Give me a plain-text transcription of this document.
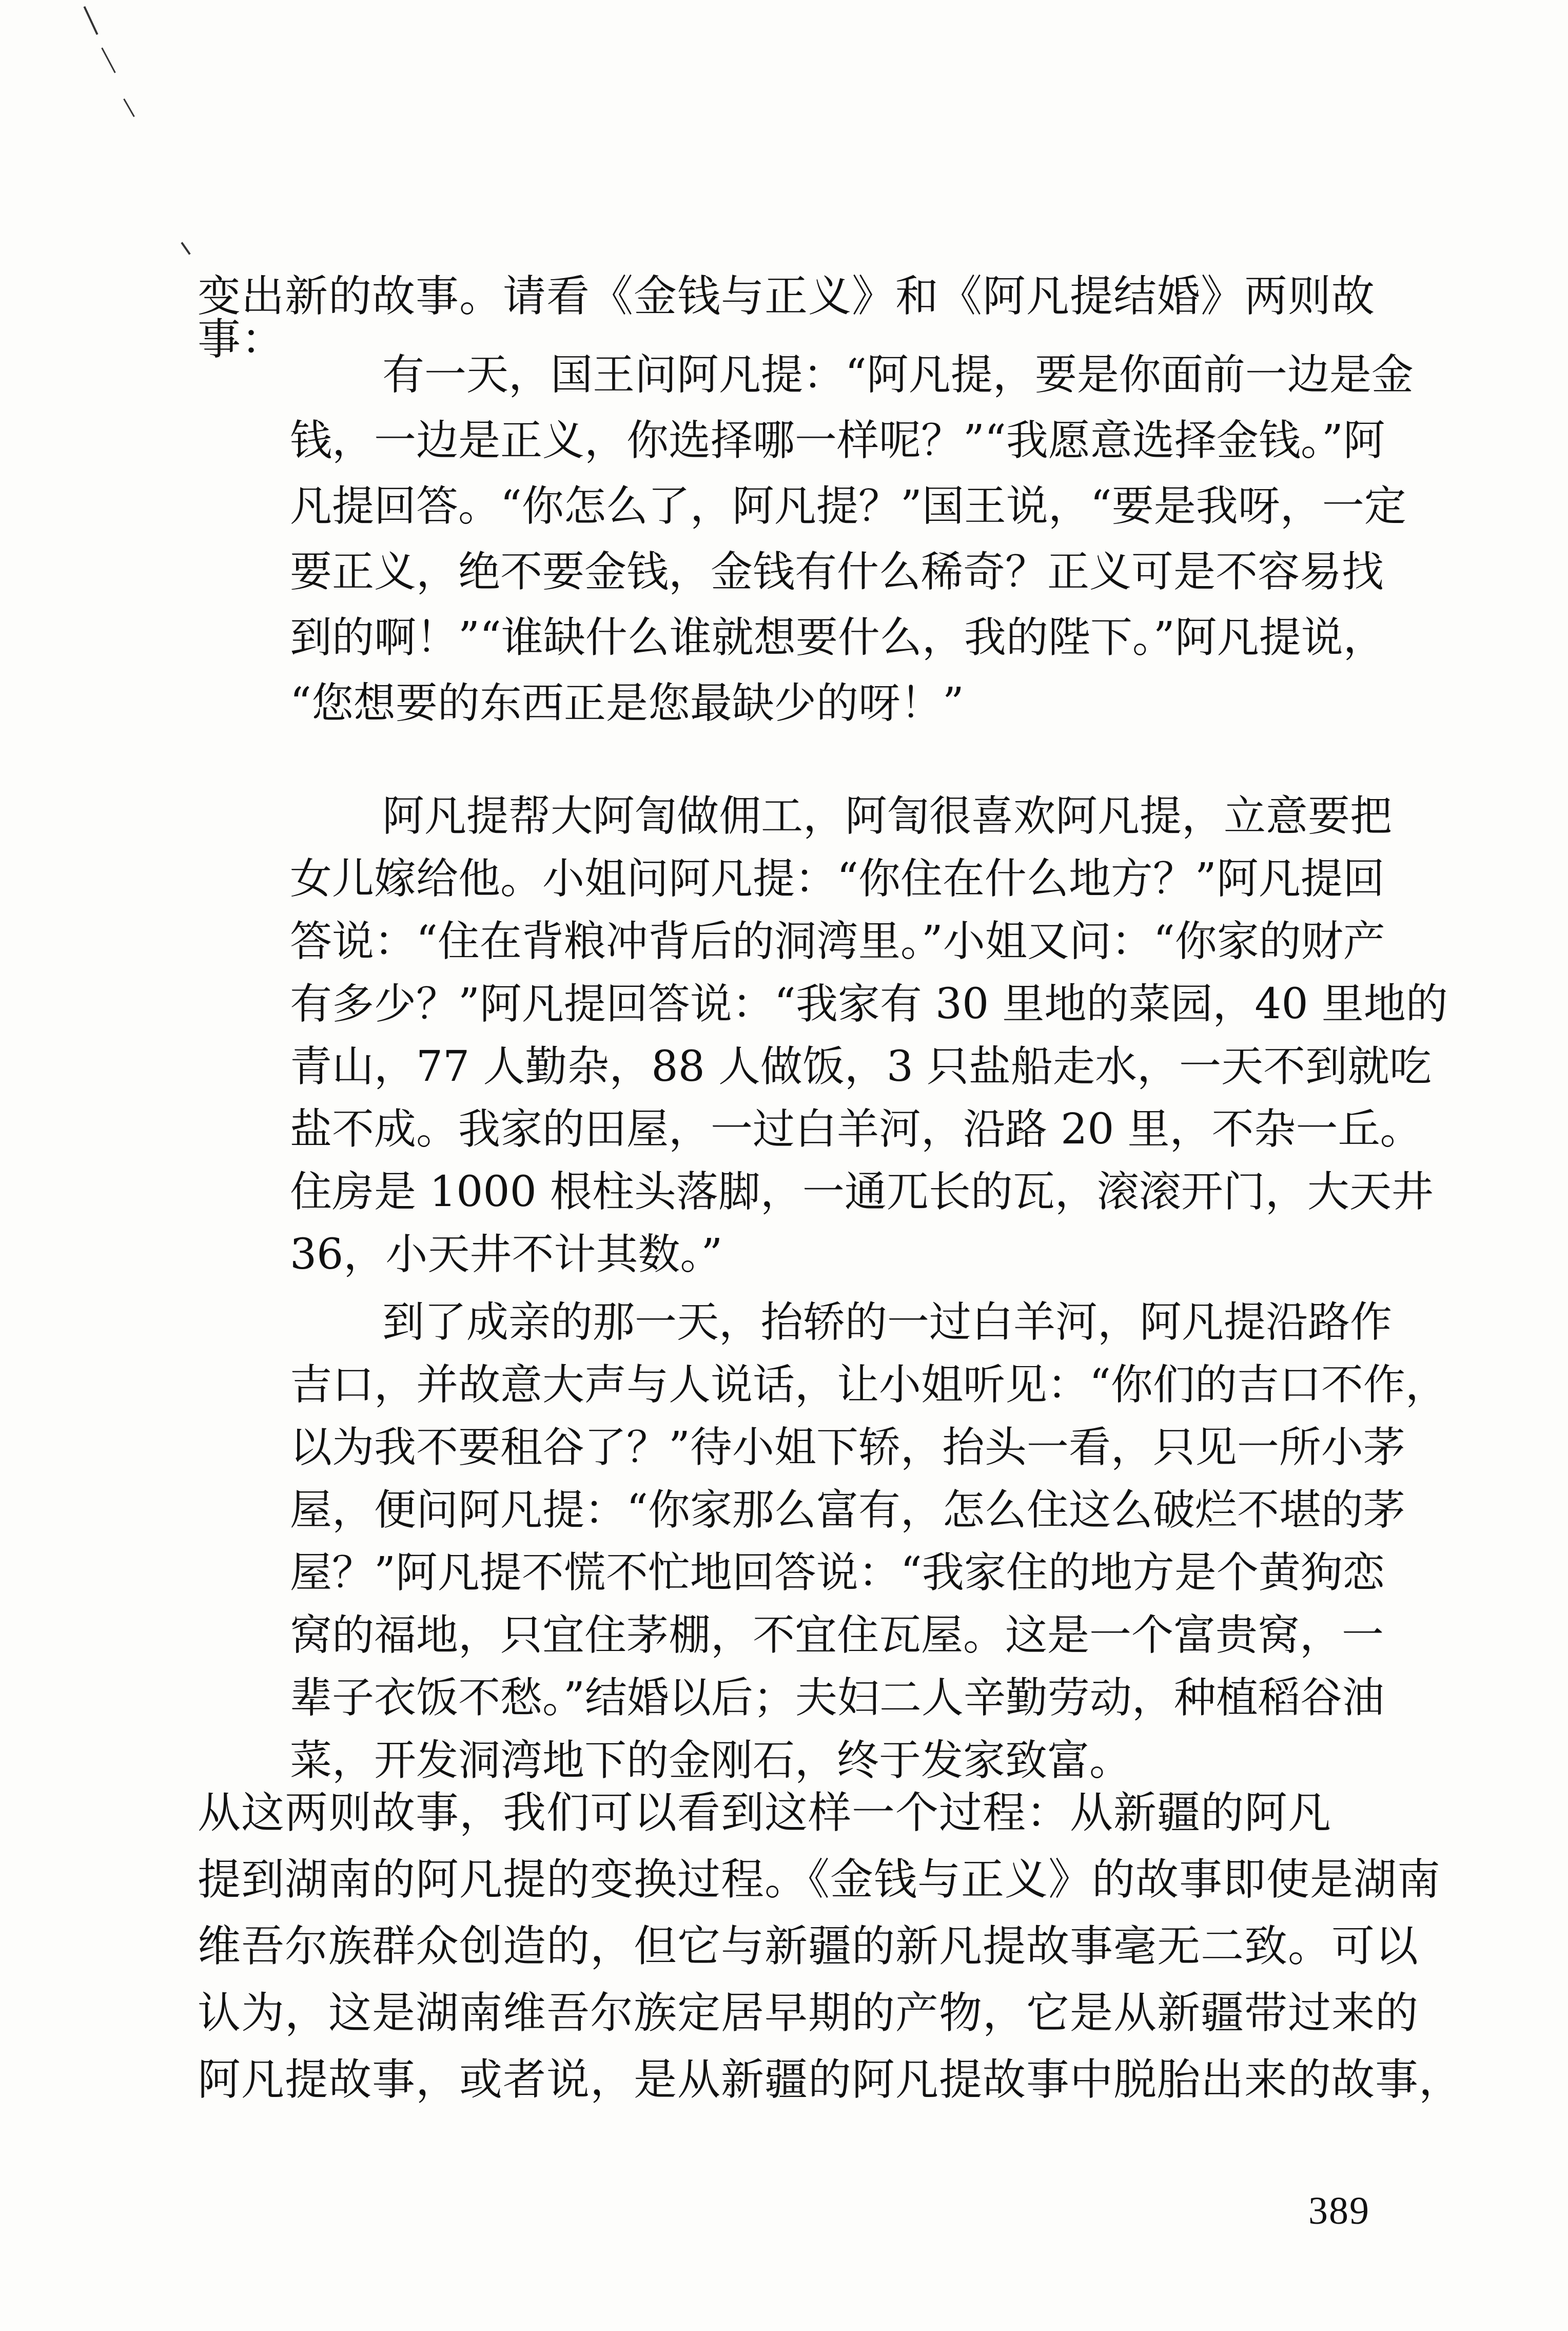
变出新的故事。请看《金钱与正义》和《阿凡提结婚》两则故事：

有一天，国王问阿凡提：“阿凡提，要是你面前一边是金
钱，一边是正义，你选择哪一样呢？”“我愿意选择金钱。”阿
凡提回答。“你怎么了，阿凡提？”国王说，“要是我呀，一定
要正义，绝不要金钱，金钱有什么稀奇？正义可是不容易找
到的啊！”“谁缺什么谁就想要什么，我的陛下。”阿凡提说，
“您想要的东西正是您最缺少的呀！”
阿凡提帮大阿訇做佣工，阿訇很喜欢阿凡提，立意要把
女儿嫁给他。小姐问阿凡提：“你住在什么地方？”阿凡提回
答说：“住在背粮冲背后的洞湾里。”小姐又问：“你家的财产
有多少？”阿凡提回答说：“我家有 30 里地的菜园，40 里地的
青山，77 人勤杂，88 人做饭，3 只盐船走水，一天不到就吃
盐不成。我家的田屋，一过白羊河，沿路 20 里，不杂一丘。
住房是 1000 根柱头落脚，一通兀长的瓦，滚滚开门，大天井
36，小天井不计其数。”
到了成亲的那一天，抬轿的一过白羊河，阿凡提沿路作
吉口，并故意大声与人说话，让小姐听见：“你们的吉口不作，
以为我不要租谷了？”待小姐下轿，抬头一看，只见一所小茅
屋，便问阿凡提：“你家那么富有，怎么住这么破烂不堪的茅
屋？”阿凡提不慌不忙地回答说：“我家住的地方是个黄狗恋
窝的福地，只宜住茅棚，不宜住瓦屋。这是一个富贵窝，一
辈子衣饭不愁。”结婚以后；夫妇二人辛勤劳动，种植稻谷油
菜，开发洞湾地下的金刚石，终于发家致富。
从这两则故事，我们可以看到这样一个过程：从新疆的阿凡
提到湖南的阿凡提的变换过程。《金钱与正义》的故事即使是湖南
维吾尔族群众创造的，但它与新疆的新凡提故事毫无二致。可以
认为，这是湖南维吾尔族定居早期的产物，它是从新疆带过来的
阿凡提故事，或者说，是从新疆的阿凡提故事中脱胎出来的故事，
389
